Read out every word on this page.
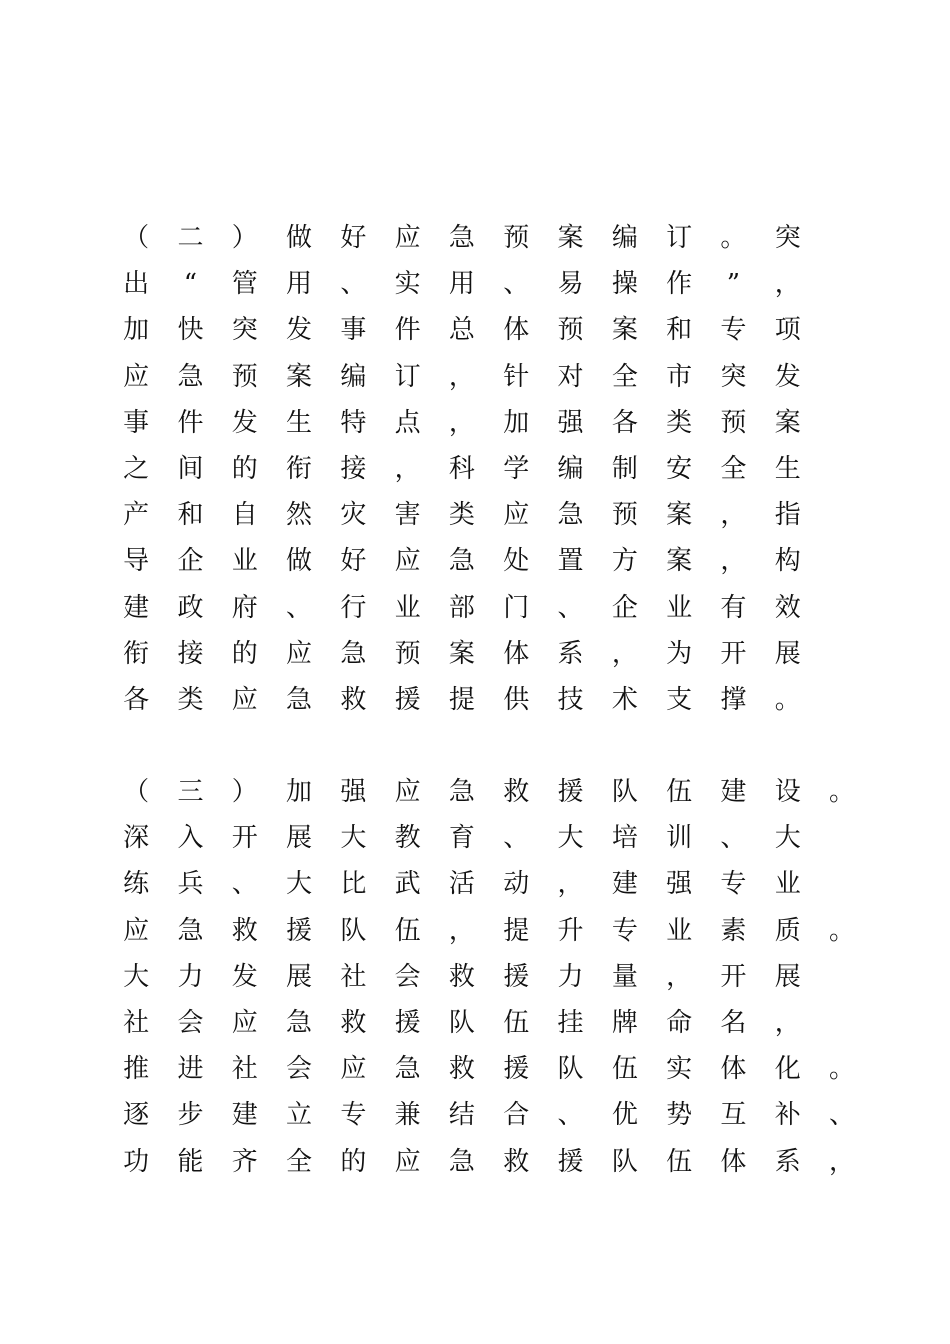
（	二	）	做	好	应	急	预	案	编	订	。	突
出	“	管	用	、	实	用	、	易	操	作	”	，
加	快	突	发	事	件	总	体	预	案	和	专	项
应	急	预	案	编	订	，	针	对	全	市	突	发
事	件	发	生	特	点	，	加	强	各	类	预	案
之	间	的	衔	接	，	科	学	编	制	安	全	生
产	和	自	然	灾	害	类	应	急	预	案	，	指
导	企	业	做	好	应	急	处	置	方	案	，	构
建	政	府	、	行	业	部	门	、	企	业	有	效
衔	接	的	应	急	预	案	体	系	，	为	开	展
各	类	应	急	救	援	提	供	技	术	支	撑	。
（	三	）	加	强	应	急	救	援	队	伍	建	设	。
深	入	开	展	大	教	育	、	大	培	训	、	大
练	兵	、	大	比	武	活	动	，	建	强	专	业
应	急	救	援	队	伍	，	提	升	专	业	素	质	。
大	力	发	展	社	会	救	援	力	量	，	开	展
社	会	应	急	救	援	队	伍	挂	牌	命	名	，
推	进	社	会	应	急	救	援	队	伍	实	体	化	。
逐	步	建	立	专	兼	结	合	、	优	势	互	补	、
功	能	齐	全	的	应	急	救	援	队	伍	体	系	，
